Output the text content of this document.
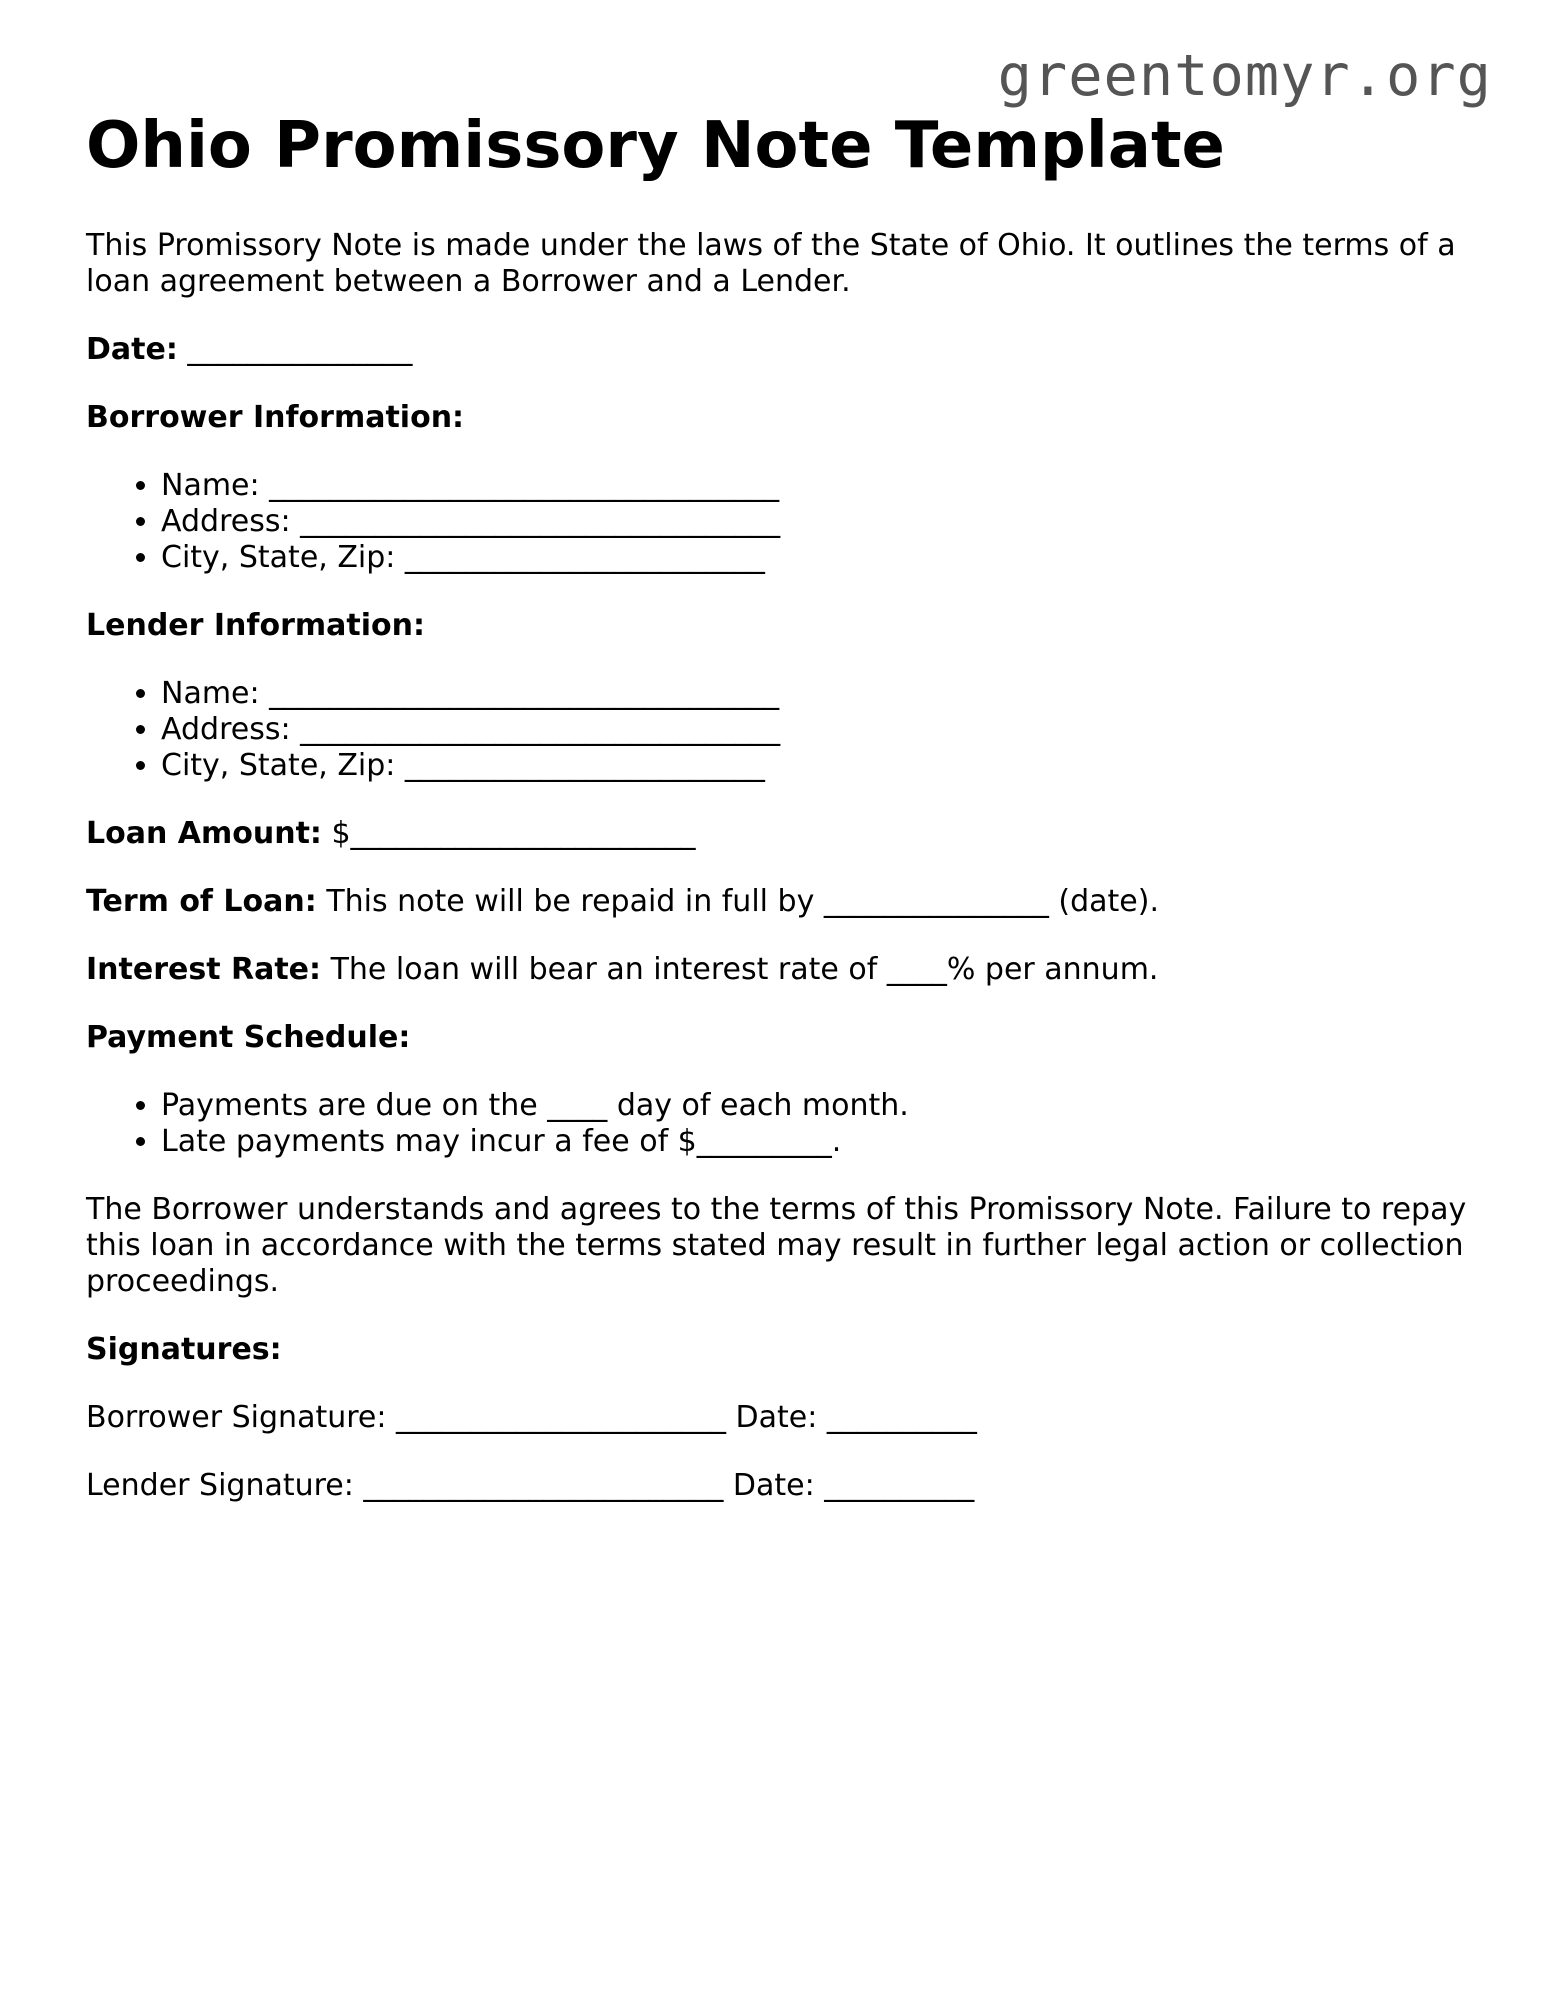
greentomyr.org
Ohio Promissory Note Template

This Promissory Note is made under the laws of the State of Ohio. It outlines the terms of a loan agreement between a Borrower and a Lender.

Date: _______________

Borrower Information:

• Name: __________________________________
• Address: ________________________________
• City, State, Zip: ________________________

Lender Information:

• Name: __________________________________
• Address: ________________________________
• City, State, Zip: ________________________

Loan Amount: $_______________________

Term of Loan: This note will be repaid in full by _______________ (date).

Interest Rate: The loan will bear an interest rate of ____% per annum.

Payment Schedule:

• Payments are due on the ____ day of each month.
• Late payments may incur a fee of $_________.

The Borrower understands and agrees to the terms of this Promissory Note. Failure to repay this loan in accordance with the terms stated may result in further legal action or collection proceedings.

Signatures:

Borrower Signature: ______________________ Date: __________

Lender Signature: ________________________ Date: __________
